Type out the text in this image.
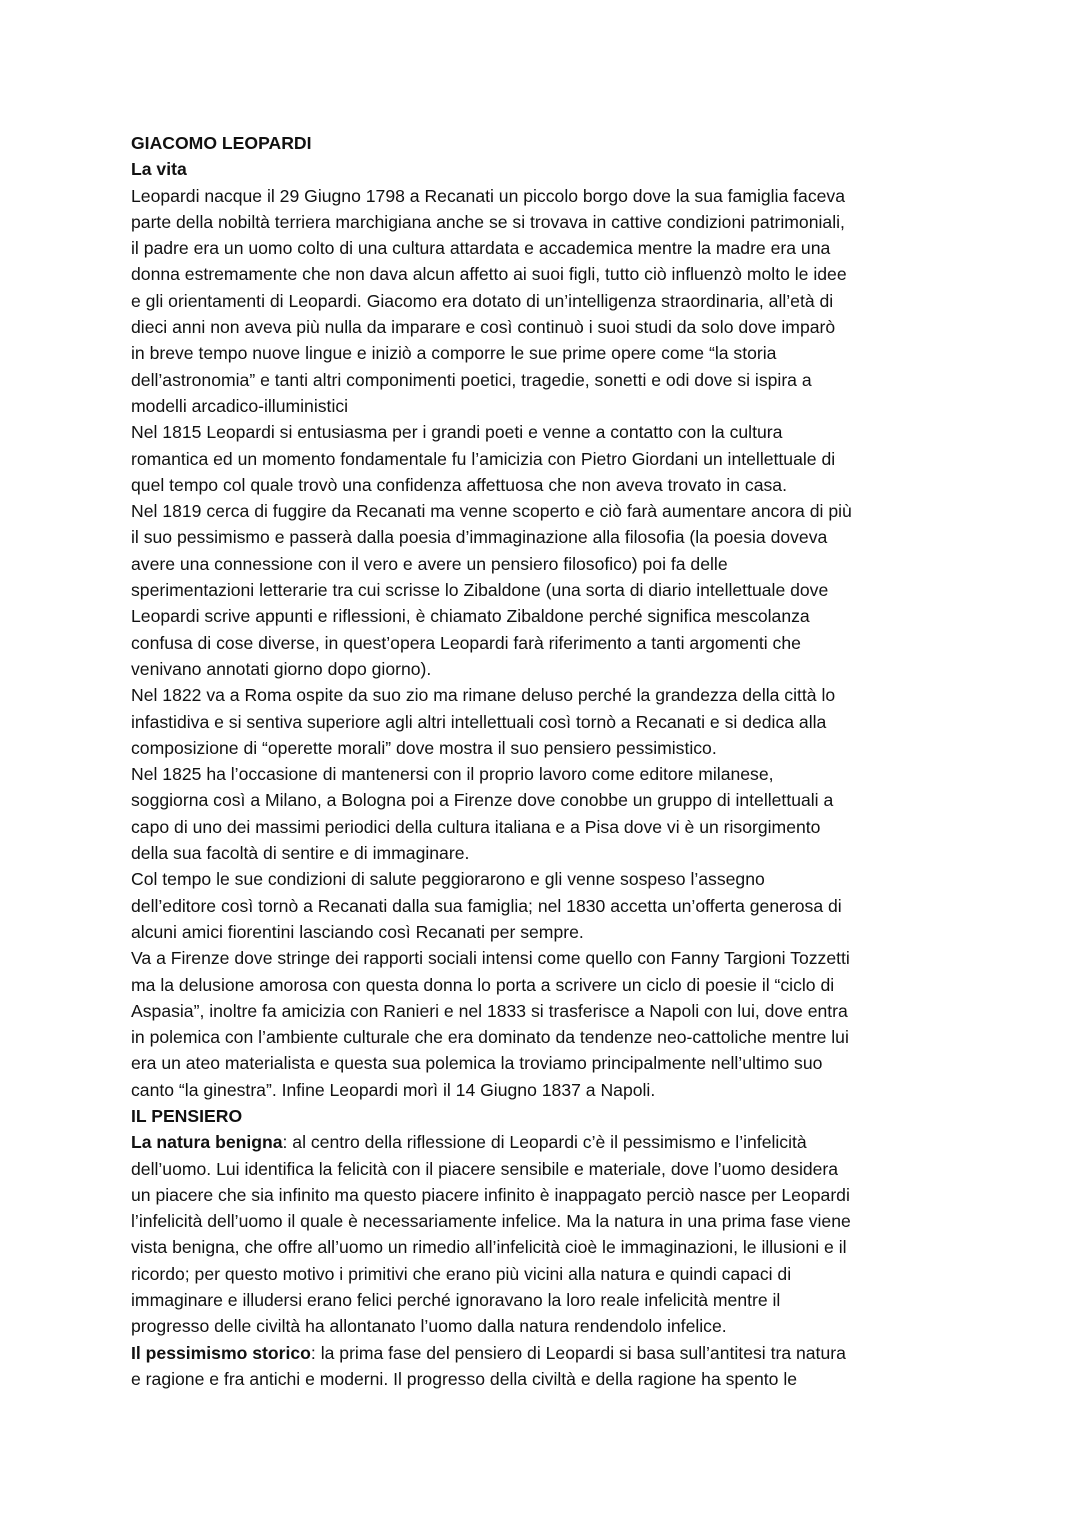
GIACOMO LEOPARDI
La vita
Leopardi nacque il 29 Giugno 1798 a Recanati un piccolo borgo dove la sua famiglia faceva
parte della nobiltà terriera marchigiana anche se si trovava in cattive condizioni patrimoniali,
il padre era un uomo colto di una cultura attardata e accademica mentre la madre era una
donna estremamente che non dava alcun affetto ai suoi figli, tutto ciò influenzò molto le idee
e gli orientamenti di Leopardi. Giacomo era dotato di un’intelligenza straordinaria, all’età di
dieci anni non aveva più nulla da imparare e così continuò i suoi studi da solo dove imparò
in breve tempo nuove lingue e iniziò a comporre le sue prime opere come “la storia
dell’astronomia” e tanti altri componimenti poetici, tragedie, sonetti e odi dove si ispira a
modelli arcadico-illuministici
Nel 1815 Leopardi si entusiasma per i grandi poeti e venne a contatto con la cultura
romantica ed un momento fondamentale fu l’amicizia con Pietro Giordani un intellettuale di
quel tempo col quale trovò una confidenza affettuosa che non aveva trovato in casa.
Nel 1819 cerca di fuggire da Recanati ma venne scoperto e ciò farà aumentare ancora di più
il suo pessimismo e passerà dalla poesia d’immaginazione alla filosofia (la poesia doveva
avere una connessione con il vero e avere un pensiero filosofico) poi fa delle
sperimentazioni letterarie tra cui scrisse lo Zibaldone (una sorta di diario intellettuale dove
Leopardi scrive appunti e riflessioni, è chiamato Zibaldone perché significa mescolanza
confusa di cose diverse, in quest’opera Leopardi farà riferimento a tanti argomenti che
venivano annotati giorno dopo giorno).
Nel 1822 va a Roma ospite da suo zio ma rimane deluso perché la grandezza della città lo
infastidiva e si sentiva superiore agli altri intellettuali così tornò a Recanati e si dedica alla
composizione di “operette morali” dove mostra il suo pensiero pessimistico.
Nel 1825 ha l’occasione di mantenersi con il proprio lavoro come editore milanese,
soggiorna così a Milano, a Bologna poi a Firenze dove conobbe un gruppo di intellettuali a
capo di uno dei massimi periodici della cultura italiana e a Pisa dove vi è un risorgimento
della sua facoltà di sentire e di immaginare.
Col tempo le sue condizioni di salute peggiorarono e gli venne sospeso l’assegno
dell’editore così tornò a Recanati dalla sua famiglia; nel 1830 accetta un’offerta generosa di
alcuni amici fiorentini lasciando così Recanati per sempre.
Va a Firenze dove stringe dei rapporti sociali intensi come quello con Fanny Targioni Tozzetti
ma la delusione amorosa con questa donna lo porta a scrivere un ciclo di poesie il “ciclo di
Aspasia”, inoltre fa amicizia con Ranieri e nel 1833 si trasferisce a Napoli con lui, dove entra
in polemica con l’ambiente culturale che era dominato da tendenze neo-cattoliche mentre lui
era un ateo materialista e questa sua polemica la troviamo principalmente nell’ultimo suo
canto “la ginestra”. Infine Leopardi morì il 14 Giugno 1837 a Napoli.
IL PENSIERO
La natura benigna: al centro della riflessione di Leopardi c’è il pessimismo e l’infelicità
dell’uomo. Lui identifica la felicità con il piacere sensibile e materiale, dove l’uomo desidera
un piacere che sia infinito ma questo piacere infinito è inappagato perciò nasce per Leopardi
l’infelicità dell’uomo il quale è necessariamente infelice. Ma la natura in una prima fase viene
vista benigna, che offre all’uomo un rimedio all’infelicità cioè le immaginazioni, le illusioni e il
ricordo; per questo motivo i primitivi che erano più vicini alla natura e quindi capaci di
immaginare e illudersi erano felici perché ignoravano la loro reale infelicità mentre il
progresso delle civiltà ha allontanato l’uomo dalla natura rendendolo infelice.
Il pessimismo storico: la prima fase del pensiero di Leopardi si basa sull’antitesi tra natura
e ragione e fra antichi e moderni. Il progresso della civiltà e della ragione ha spento le
